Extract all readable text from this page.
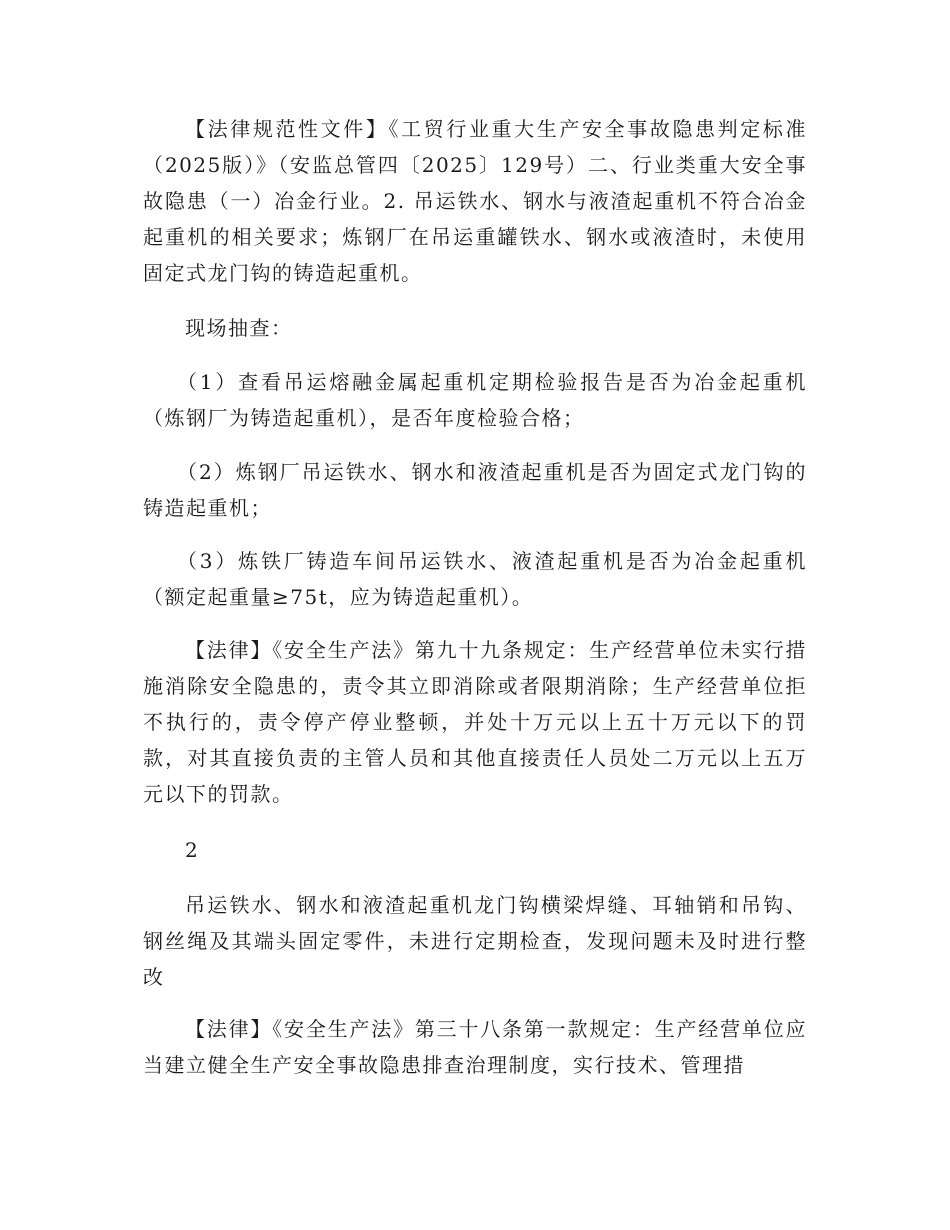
【法律规范性文件】《工贸行业重大生产安全事故隐患判定标准（2025版）》（安监总管四〔2025〕129号）二、行业类重大安全事故隐患（一）冶金行业。2. 吊运铁水、钢水与液渣起重机不符合冶金起重机的相关要求；炼钢厂在吊运重罐铁水、钢水或液渣时，未使用固定式龙门钩的铸造起重机。

现场抽查：

（1）查看吊运熔融金属起重机定期检验报告是否为冶金起重机（炼钢厂为铸造起重机），是否年度检验合格；

（2）炼钢厂吊运铁水、钢水和液渣起重机是否为固定式龙门钩的铸造起重机；

（3）炼铁厂铸造车间吊运铁水、液渣起重机是否为冶金起重机（额定起重量≥75t，应为铸造起重机）。

【法律】《安全生产法》第九十九条规定：生产经营单位未实行措施消除安全隐患的，责令其立即消除或者限期消除；生产经营单位拒不执行的，责令停产停业整顿，并处十万元以上五十万元以下的罚款，对其直接负责的主管人员和其他直接责任人员处二万元以上五万元以下的罚款。

2

吊运铁水、钢水和液渣起重机龙门钩横梁焊缝、耳轴销和吊钩、钢丝绳及其端头固定零件，未进行定期检查，发现问题未及时进行整改

【法律】《安全生产法》第三十八条第一款规定：生产经营单位应当建立健全生产安全事故隐患排查治理制度，实行技术、管理措
